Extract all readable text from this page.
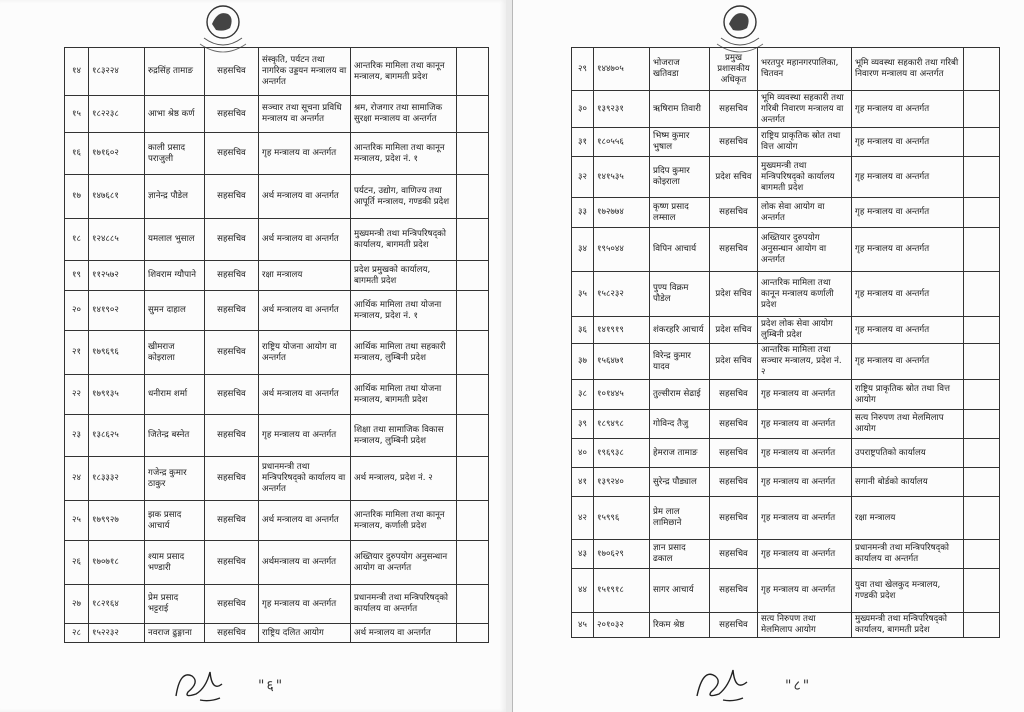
१४	१८३२२४	रुद्रसिंह तामाङ	सहसचिव	संस्कृति, पर्यटन तथा नागरिक उड्डयन मन्त्रालय वा अन्तर्गत	आन्तरिक मामिला तथा कानून मन्त्रालय, बागमती प्रदेश	
१५	१८२२३८	आभा श्रेष्ठ कर्ण	सहसचिव	सञ्चार तथा सूचना प्रविधि मन्त्रालय वा अन्तर्गत	श्रम, रोजगार तथा सामाजिक सुरक्षा मन्त्रालय वा अन्तर्गत	
१६	१७१६०२	काली प्रसाद पराजुली	सहसचिव	गृह मन्त्रालय वा अन्तर्गत	आन्तरिक मामिला तथा कानून मन्त्रालय, प्रदेश नं. १	
१७	१४७६८१	ज्ञानेन्द्र पौडेल	सहसचिव	अर्थ मन्त्रालय वा अन्तर्गत	पर्यटन, उद्योग, वाणिज्य तथा आपूर्ति मन्त्रालय, गण्डकी प्रदेश	
१८	१२४८८५	यमलाल भुसाल	सहसचिव	अर्थ मन्त्रालय वा अन्तर्गत	मुख्यमन्त्री तथा मन्त्रिपरिषद्को कार्यालय, बागमती प्रदेश	
१९	११२५७२	शिवराम ग्यौपाने	सहसचिव	रक्षा मन्त्रालय	प्रदेश प्रमुखको कार्यालय, बागमती प्रदेश	
२०	१४१९०२	सुमन दाहाल	सहसचिव	अर्थ मन्त्रालय वा अन्तर्गत	आर्थिक मामिला तथा योजना मन्त्रालय, प्रदेश नं. १	
२१	१७९६९६	खीमराज कोइराला	सहसचिव	राष्ट्रिय योजना आयोग वा अन्तर्गत	आर्थिक मामिला तथा सहकारी मन्त्रालय, लुम्बिनी प्रदेश	
२२	१७९१३५	धनीराम शर्मा	सहसचिव	अर्थ मन्त्रालय वा अन्तर्गत	आर्थिक मामिला तथा योजना मन्त्रालय, बागमती प्रदेश	
२३	१३८६२५	जितेन्द्र बस्नेत	सहसचिव	गृह मन्त्रालय वा अन्तर्गत	शिक्षा तथा सामाजिक विकास मन्त्रालय, लुम्बिनी प्रदेश	
२४	१८३३३२	गजेन्द्र कुमार ठाकुर	सहसचिव	प्रधानमन्त्री तथा मन्त्रिपरिषद्को कार्यालय वा अन्तर्गत	अर्थ मन्त्रालय, प्रदेश नं. २	
२५	१७९९२७	झक प्रसाद आचार्य	सहसचिव	अर्थ मन्त्रालय वा अन्तर्गत	आन्तरिक मामिला तथा कानून मन्त्रालय, कर्णाली प्रदेश	
२६	१७०७१८	श्याम प्रसाद भण्डारी	सहसचिव	अर्थमन्त्रालय वा अन्तर्गत	अख्तियार दुरुपयोग अनुसन्धान आयोग वा अन्तर्गत	
२७	१८२१६४	प्रेम प्रसाद भट्टराई	सहसचिव	गृह मन्त्रालय वा अन्तर्गत	प्रधानमन्त्री तथा मन्त्रिपरिषद्को कार्यालय वा अन्तर्गत	
२८	१५२२३२	नवराज ढुङ्गाना	सहसचिव	राष्ट्रिय दलित आयोग	अर्थ मन्त्रालय वा अन्तर्गत	
"६"
२९	१४४७०५	भोजराज खतिवडा	प्रमुख प्रशासकीय अधिकृत	भरतपुर महानगरपालिका, चितवन	भूमि व्यवस्था सहकारी तथा गरिबी निवारण मन्त्रालय वा अन्तर्गत	
३०	१३९२३१	ऋषिराम तिवारी	सहसचिव	भूमि व्यवस्था सहकारी तथा गरिबी निवारण मन्त्रालय वा अन्तर्गत	गृह मन्त्रालय वा अन्तर्गत	
३१	१८०५५६	भिष्म कुमार भुषाल	सहसचिव	राष्ट्रिय प्राकृतिक स्रोत तथा वित्त आयोग	गृह मन्त्रालय वा अन्तर्गत	
३२	१४१५३५	प्रदिप कुमार कोइराला	प्रदेश सचिव	मुख्यमन्त्री तथा मन्त्रिपरिषद्को कार्यालय बागमती प्रदेश	गृह मन्त्रालय वा अन्तर्गत	
३३	१७२७७४	कृष्ण प्रसाद लम्साल	सहसचिव	लोक सेवा आयोग वा अन्तर्गत	गृह मन्त्रालय वा अन्तर्गत	
३४	१९५०४४	विपिन आचार्य	सहसचिव	अख्तियार दुरुपयोग अनुसन्धान आयोग वा अन्तर्गत	गृह मन्त्रालय वा अन्तर्गत	
३५	१५८२३२	पुण्य विक्रम पौडेल	प्रदेश सचिव	आन्तरिक मामिला तथा कानून मन्त्रालय कर्णाली प्रदेश	गृह मन्त्रालय वा अन्तर्गत	
३६	१४१९१९	शंकरहरि आचार्य	प्रदेश सचिव	प्रदेश लोक सेवा आयोग लुम्बिनी प्रदेश	गृह मन्त्रालय वा अन्तर्गत	
३७	१५६४७१	विरेन्द्र कुमार यादव	प्रदेश सचिव	आन्तरिक मामिला तथा सञ्चार मन्त्रालय, प्रदेश नं. २	गृह मन्त्रालय वा अन्तर्गत	
३८	१०१४४५	तुल्सीराम सेढाई	सहसचिव	गृह मन्त्रालय वा अन्तर्गत	राष्ट्रिय प्राकृतिक स्रोत तथा वित्त आयोग	
३९	१८९४९८	गोविन्द तैजु	सहसचिव	गृह मन्त्रालय वा अन्तर्गत	सत्य निरुपण तथा मेलमिलाप आयोग	
४०	१९६९३८	हेमराज तामाङ	सहसचिव	गृह मन्त्रालय वा अन्तर्गत	उपराष्ट्रपतिको कार्यालय	
४१	१३९२४०	सुरेन्द्र पौड्याल	सहसचिव	गृह मन्त्रालय वा अन्तर्गत	सगानी बोर्डको कार्यालय	
४२	१५९९६	प्रेम लाल लामिछाने	सहसचिव	गृह मन्त्रालय वा अन्तर्गत	रक्षा मन्त्रालय	
४३	१७०६२९	ज्ञान प्रसाद ढकाल	सहसचिव	गृह मन्त्रालय वा अन्तर्गत	प्रधानमन्त्री तथा मन्त्रिपरिषद्को कार्यालय वा अन्तर्गत	
४४	१५१९१८	सागर आचार्य	सहसचिव	गृह मन्त्रालय वा अन्तर्गत	युवा तथा खेलकुद मन्त्रालय, गण्डकी प्रदेश	
४५	२०१०३२	रिकम श्रेष्ठ	सहसचिव	सत्य निरुपण तथा मेलमिलाप आयोग	मुख्यमन्त्री तथा मन्त्रिपरिषद्को कार्यालय, बागमती प्रदेश	
"८"
